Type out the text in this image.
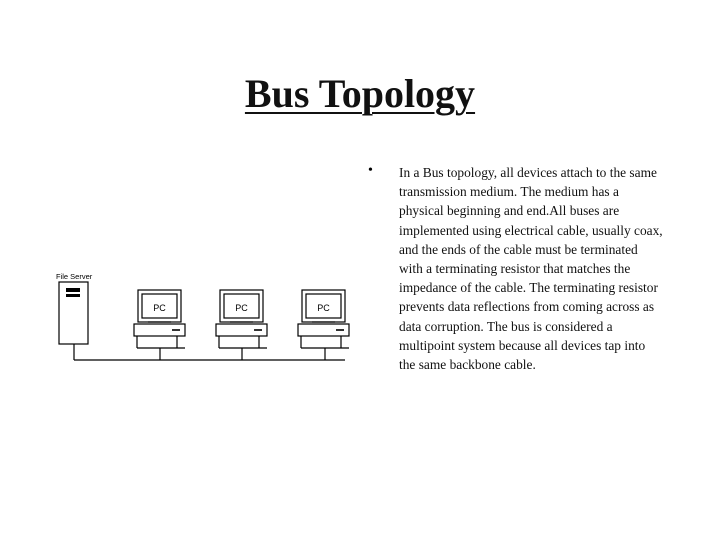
Bus Topology
File Server
PC	PC	PC
• In a Bus topology, all devices attach to the same transmission medium. The medium has a physical beginning and end.All buses are implemented using electrical cable, usually coax, and the ends of the cable must be terminated with a terminating resistor that matches the impedance of the cable. The terminating resistor prevents data reflections from coming across as data corruption. The bus is considered a multipoint system because all devices tap into the same backbone cable.
